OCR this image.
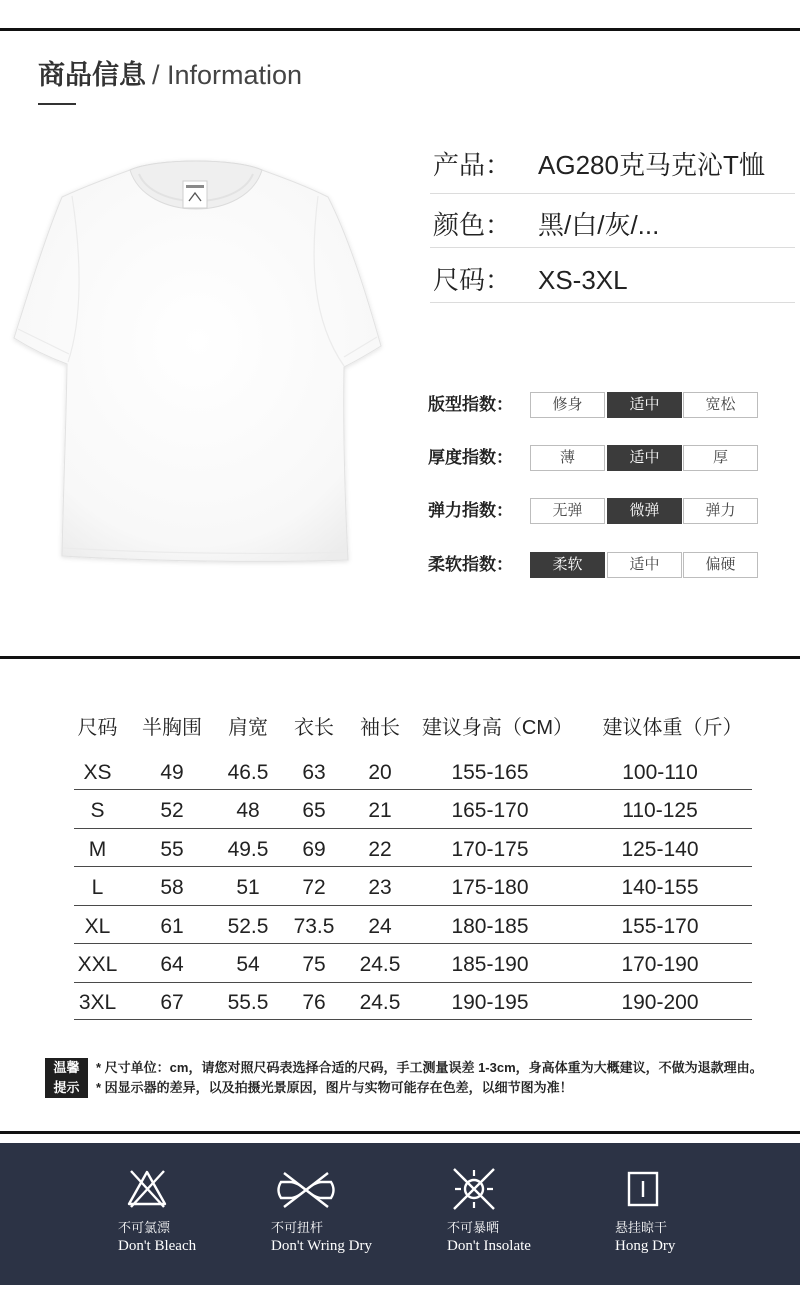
商品信息 / Information
产品： AG280克马克沁T恤
颜色： 黑/白/灰/...
尺码： XS-3XL
版型指数：	修身	适中	宽松
厚度指数：	薄	适中	厚
弹力指数：	无弹	微弹	弹力
柔软指数：	柔软	适中	偏硬
尺码	半胸围	肩宽	衣长	袖长	建议身高（CM）	建议体重（斤）
XS	49	46.5	63	20	155-165	100-110
S	52	48	65	21	165-170	110-125
M	55	49.5	69	22	170-175	125-140
L	58	51	72	23	175-180	140-155
XL	61	52.5	73.5	24	180-185	155-170
XXL	64	54	75	24.5	185-190	170-190
3XL	67	55.5	76	24.5	190-195	190-200
温馨
提示
* 尺寸单位：cm，请您对照尺码表选择合适的尺码，手工测量误差 1-3cm，身高体重为大概建议，不做为退款理由。
* 因显示器的差异，以及拍摄光景原因，图片与实物可能存在色差，以细节图为准！
不可氯漂
Don't Bleach
不可扭杆
Don't Wring Dry
不可暴晒
Don't Insolate
悬挂晾干
Hong Dry
